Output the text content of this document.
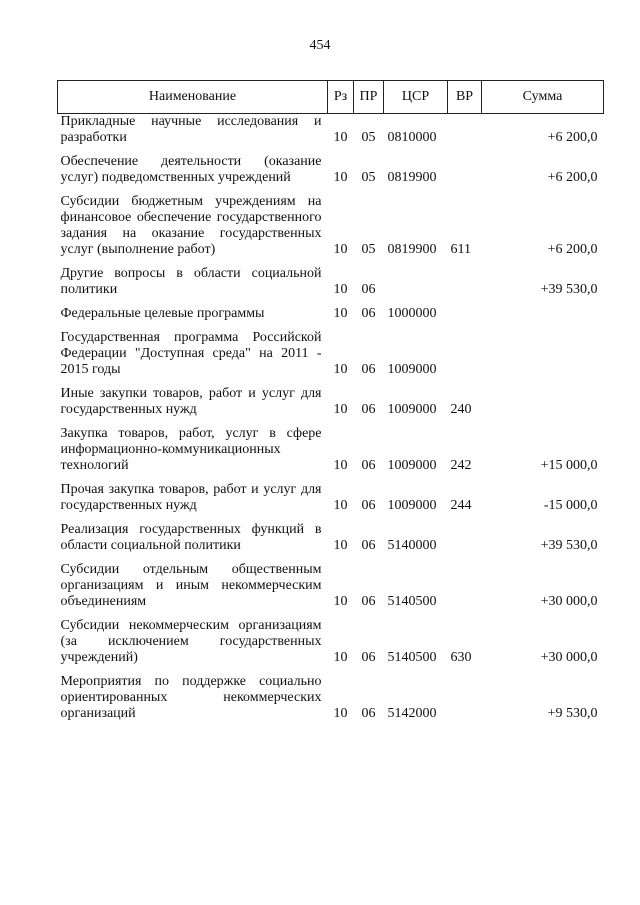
454
Наименование	Рз	ПР	ЦСР	ВР	Сумма
Прикладные научные исследования и разработки	10	05	0810000		+6 200,0

Обеспечение деятельности (оказание услуг) подведомственных учреждений	10	05	0819900		+6 200,0

Субсидии бюджетным учреждениям на финансовое обеспечение государственного задания на оказание государственных услуг (выполнение работ)	10	05	0819900	611	+6 200,0

Другие вопросы в области социальной политики	10	06			+39 530,0

Федеральные целевые программы	10	06	1000000		

Государственная программа Российской Федерации "Доступная среда" на 2011 - 2015 годы	10	06	1009000		

Иные закупки товаров, работ и услуг для государственных нужд	10	06	1009000	240	

Закупка товаров, работ, услуг в сфере информационно-коммуникационных технологий	10	06	1009000	242	+15 000,0

Прочая закупка товаров, работ и услуг для государственных нужд	10	06	1009000	244	-15 000,0

Реализация государственных функций в области социальной политики	10	06	5140000		+39 530,0

Субсидии отдельным общественным организациям и иным некоммерческим объединениям	10	06	5140500		+30 000,0

Субсидии некоммерческим организациям (за исключением государственных учреждений)	10	06	5140500	630	+30 000,0

Мероприятия по поддержке социально ориентированных некоммерческих организаций	10	06	5142000		+9 530,0
